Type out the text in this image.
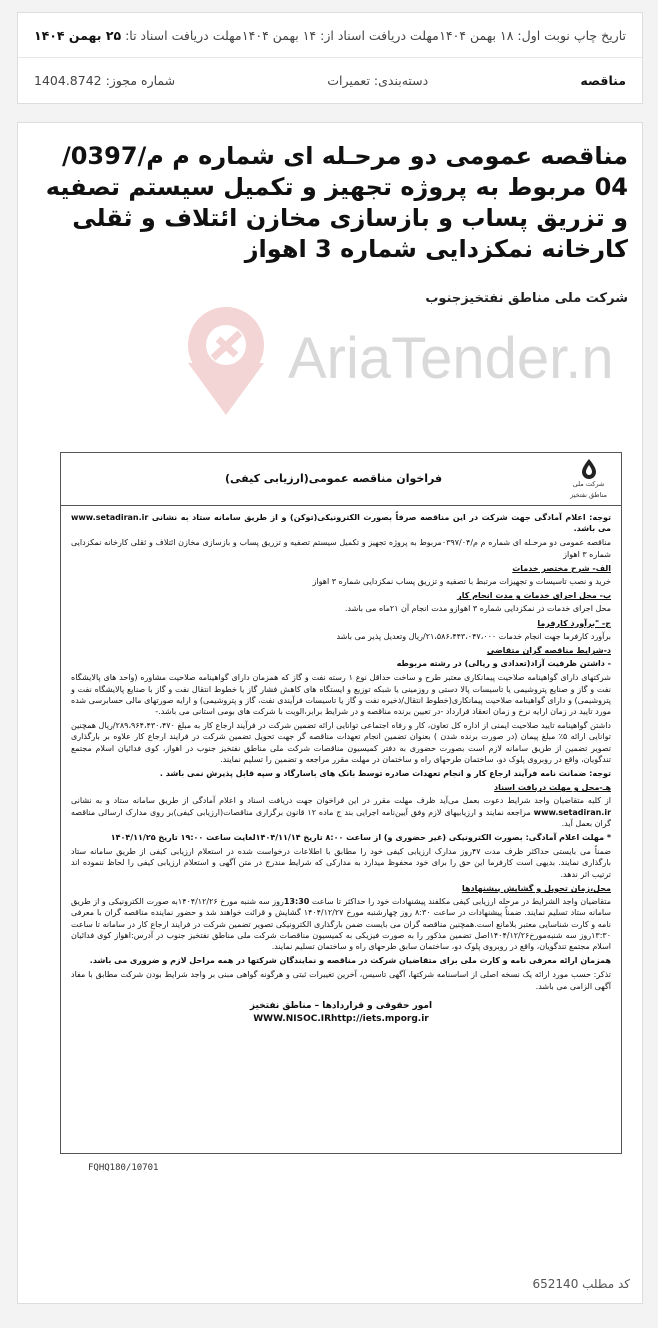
تاریخ چاپ نوبت اول: ۱۸ بهمن ۱۴۰۴
مهلت دریافت اسناد از: ۱۴ بهمن ۱۴۰۴
مهلت دریافت اسناد تا: ۲۵ بهمن ۱۴۰۴
مناقصه
دسته‌بندی: تعمیرات
شماره مجوز: 1404.8742
مناقصه عمومی دو مرحـله ای شماره م م/0397/ 04 مربوط به پروژه تجهیز و تکمیل سیستم تصفیه و تزریق پساب و بازسازی مخازن ائتلاف و ثقلی کارخانه نمکزدایی شماره 3 اهواز
شرکت ملی مناطق نفتخیزجنوب
AriaTender.n
شرکت ملی
مناطق نفتخیز
فراخوان مناقصه عمومی(ارزیابی کیفی)

توجه: اعلام آمادگی جهت شرکت در این مناقصه صرفاً بصورت الکترونیکی(توکن) و از طریق سامانه ستاد به نشانی www.setadiran.ir می باشد.

مناقصه عمومی دو مرحـله ای شماره م م/۰۳۹۷/۰۴مربوط به پروژه تجهیز و تکمیل سیستم تصفیه و تزریق پساب و بازسازی مخازن ائتلاف و ثقلی کارخانه نمکزدایی شماره ۳ اهواز

الف- شرح مختصر خدمات

خرید و نصب تاسیسات و تجهیزات مرتبط با تصفیه و تزریق پساب نمکزدایی شماره ۳ اهواز

ب- محل اجرای خدمات و مدت انجام کار

محل اجرای خدمات در نمکزدایی شماره ۳ اهوازو مدت انجام آن ۲۱ماه می باشد.

ج- "برآورد کارفرما

برآورد کارفرما جهت انجام خدمات ۲۱،۵۸۶،۴۴۳،۰۴۷،۰۰۰/ریال وتعدیل پذیر می باشد

د-شرایط مناقصه گران متقاضی

- داشتن ظرفیت آزاد(تعدادی و ریالی) در رشته مربوطه

شرکتهای دارای گواهینامه صلاحیت پیمانکاری معتبر طرح و ساخت حداقل نوع ۱ رسته نفت و گاز که همزمان دارای گواهینامه صلاحیت مشاوره (واحد های پالایشگاه نفت و گاز و صنایع پتروشیمی یا تاسیسات پالا دستی و روزمینی یا شبکه توزیع و ایستگاه های کاهش فشار گاز یا خطوط انتقال نفت و گاز با صنایع پالایشگاه نفت و پتروشیمی) و دارای گواهینامه صلاحیت پیمانکاری(خطوط انتقال/ذخیره نفت و گاز یا تاسیسات فرآیندی نفت، گاز و پتروشیمی) و ارایه صورتهای مالی حسابرسی شده مورد تایید در زمان ارایه نرخ و زمان انعقاد قرارداد -در تعیین برنده مناقصه و در شرایط برابر،الویت با شرکت های بومی استانی می باشد.-

داشتن گواهینامه تایید صلاحیت ایمنی از اداره کل تعاون، کار و رفاه اجتماعی توانایی ارائه تضمین شرکت در فرآیند ارجاع کار به مبلغ ۲۸۹،۹۶۴،۴۳۰،۴۷۰/ریال همچنین توانایی ارائه ۵٪ مبلغ پیمان (در صورت برنده شدن ) بعنوان تضمین انجام تعهدات مناقصه گر جهت تحویل تضمین شرکت در فرایند ارجاع کار علاوه بر بارگذاری تصویر تضمین از طریق سامانه لازم است بصورت حضوری به دفتر کمیسیون مناقصات شرکت ملی مناطق نفتخیز جنوب در اهواز، کوی فدائیان اسلام مجتمع تندگویان، واقع در روبروی پلوک دو، ساختمان طرحهای راه و ساختمان در مهلت مقرر مراجعه و تضمین را تسلیم نمایند.

توجه: ضمانت نامه فرآیند ارجاع کار و انجام تعهدات صادره توسط بانک های باسارگاد و سپه قابل پذیرش نمی باشد .

هـ-محل و مهلت دریافت اسناد

از کلیه متقاضیان واجد شرایط دعوت بعمل می‌آید ظرف مهلت مقرر در این فراخوان جهت دریافت اسناد و اعلام آمادگی از طریق سامانه ستاد و به نشانی www.setadiran.ir مراجعه نمایند و ارزیابیهای لازم وفق آیین‌نامه اجرایی بند ج ماده ۱۲ قانون برگزاری مناقصات(ارزیابی کیفی)بر روی مدارک ارسالی مناقصه گران بعمل آید.

* مهلت اعلام آمادگی: بصورت الکترونیکی (غیر حضوری و) از ساعت ۸:۰۰ تاریخ ۱۴۰۴/۱۱/۱۴لغایت ساعت ۱۹:۰۰ تاریخ ۱۴۰۴/۱۱/۲۵

ضمناً می بایستی حداکثر ظرف مدت ۴۷روز مدارک ارزیابی کیفی خود را مطابق با اطلاعات درخواست شده در استعلام ارزیابی کیفی از طریق سامانه ستاد بارگذاری نمایند. بدیهی است کارفرما این حق را برای خود محفوظ میدارد به مدارکی که شرایط مندرج در متن آگهی و استعلام ارزیابی کیفی را لحاظ ننموده اند ترتیب اثر ندهد.

محل،زمان تحویل و گشایش پیشنهادها

متقاضیان واجد الشرایط در مرحله ارزیابی کیفی مکلفند پیشنهادات خود را حداکثر تا ساعت 13:30روز سه شنبه مورخ ۱۴۰۴/۱۲/۲۶به صورت الکترونیکی و از طریق سامانه ستاد تسلیم نمایند. ضمناً پیشنهادات در ساعت ۸:۳۰ روز چهارشنبه مورخ ۱۴۰۴/۱۲/۲۷ گشایش و قرائت خواهند شد و حضور نماینده مناقصه گران با معرفی نامه و کارت شناسایی معتبر بلامانع است.همچنین مناقصه گران می بایست ضمن بارگذاری الکترونیکی تصویر تضمین شرکت در فرایند ارجاع کار در سامانه تا ساعت ۱۳:۳۰روز سه شنبه‌مورخ۱۴۰۴/۱۲/۲۶اصل تضمین مذکور را به صورت فیزیکی به کمیسیون مناقصات شرکت ملی مناطق نفتخیز جنوب در آدرس:اهواز کوی فدائیان اسلام مجتمع تندگویان، واقع در روبروی پلوک دو، ساختمان سابق طرحهای راه و ساختمان تسلیم نمایند.

همزمان ارائه معرفی نامه و کارت ملی برای متقاضیان شرکت در مناقصه و نمایندگان شرکتها در همه مراحل لازم و ضروری می باشد.

تذکر: حسب مورد ارائه یک نسخه اصلی از اساسنامه شرکتها، آگهی تاسیس، آخرین تغییرات ثبتی و هرگونه گواهی مبنی بر واجد شرایط بودن شرکت مطابق با مفاد آگهی الزامی می باشد.

امور حقوقی و قراردادها – مناطق نفتخیز
WWW.NISOC.IRhttp://iets.mporg.ir
FQHQ180/10701
کد مطلب 652140
